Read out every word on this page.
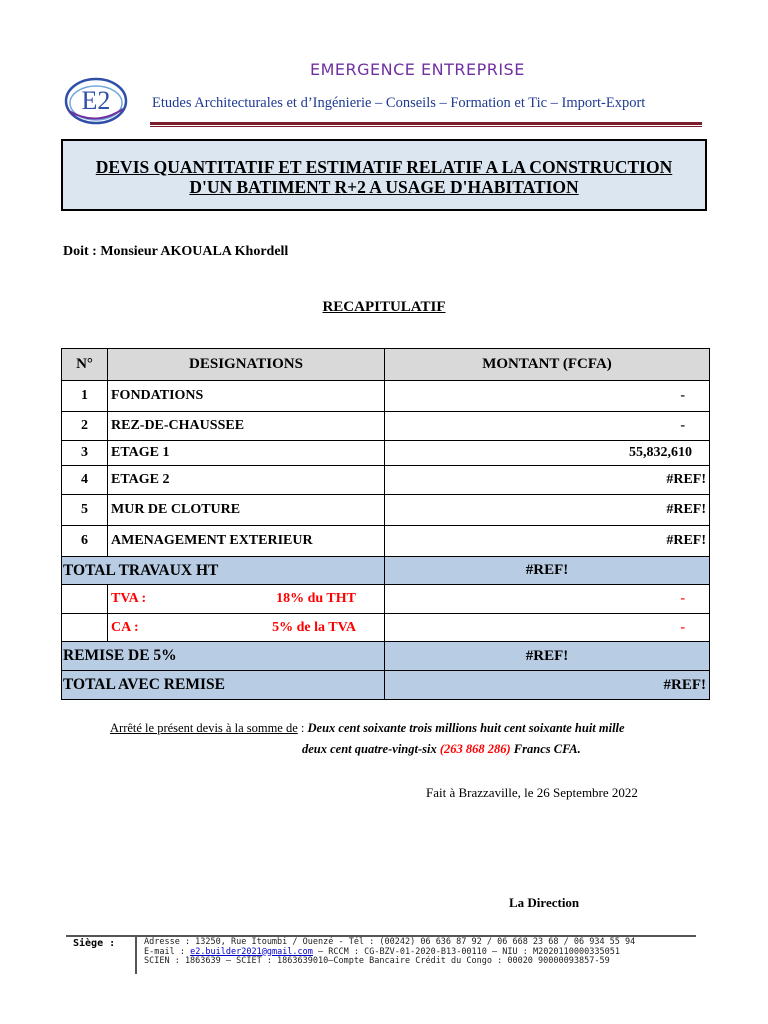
E2
EMERGENCE ENTREPRISE
Etudes Architecturales et d’Ingénierie – Conseils – Formation et Tic – Import-Export
DEVIS QUANTITATIF ET ESTIMATIF RELATIF A LA CONSTRUCTION
D'UN BATIMENT R+2 A USAGE D'HABITATION
Doit : Monsieur AKOUALA Khordell
RECAPITULATIF
N°	DESIGNATIONS	MONTANT (FCFA)
1	FONDATIONS	-
2	REZ-DE-CHAUSSEE	-
3	ETAGE 1	55,832,610
4	ETAGE 2	#REF!
5	MUR DE CLOTURE	#REF!
6	AMENAGEMENT EXTERIEUR	#REF!
TOTAL TRAVAUX HT		#REF!

	TVA : 18% du THT	-

	CA : 5% de la TVA	-
REMISE DE 5%		#REF!
TOTAL AVEC REMISE		#REF!
Arrêté le présent devis à la somme de : Deux cent soixante trois millions huit cent soixante huit mille
deux cent quatre-vingt-six (263 868 286) Francs CFA.
Fait à Brazzaville, le 26 Septembre 2022
La Direction
Siège :	Adresse : 13250, Rue Itoumbi / Ouenzé - Tél : (00242) 06 636 87 92 / 06 668 23 68 / 06 934 55 94
E-mail : e2.builder2021@gmail.com – RCCM : CG-BZV-01-2020-B13-00110 – NIU : M2020110000335051
SCIEN : 1863639 – SCIET : 1863639010–Compte Bancaire Crédit du Congo : 00020 90000093857-59
